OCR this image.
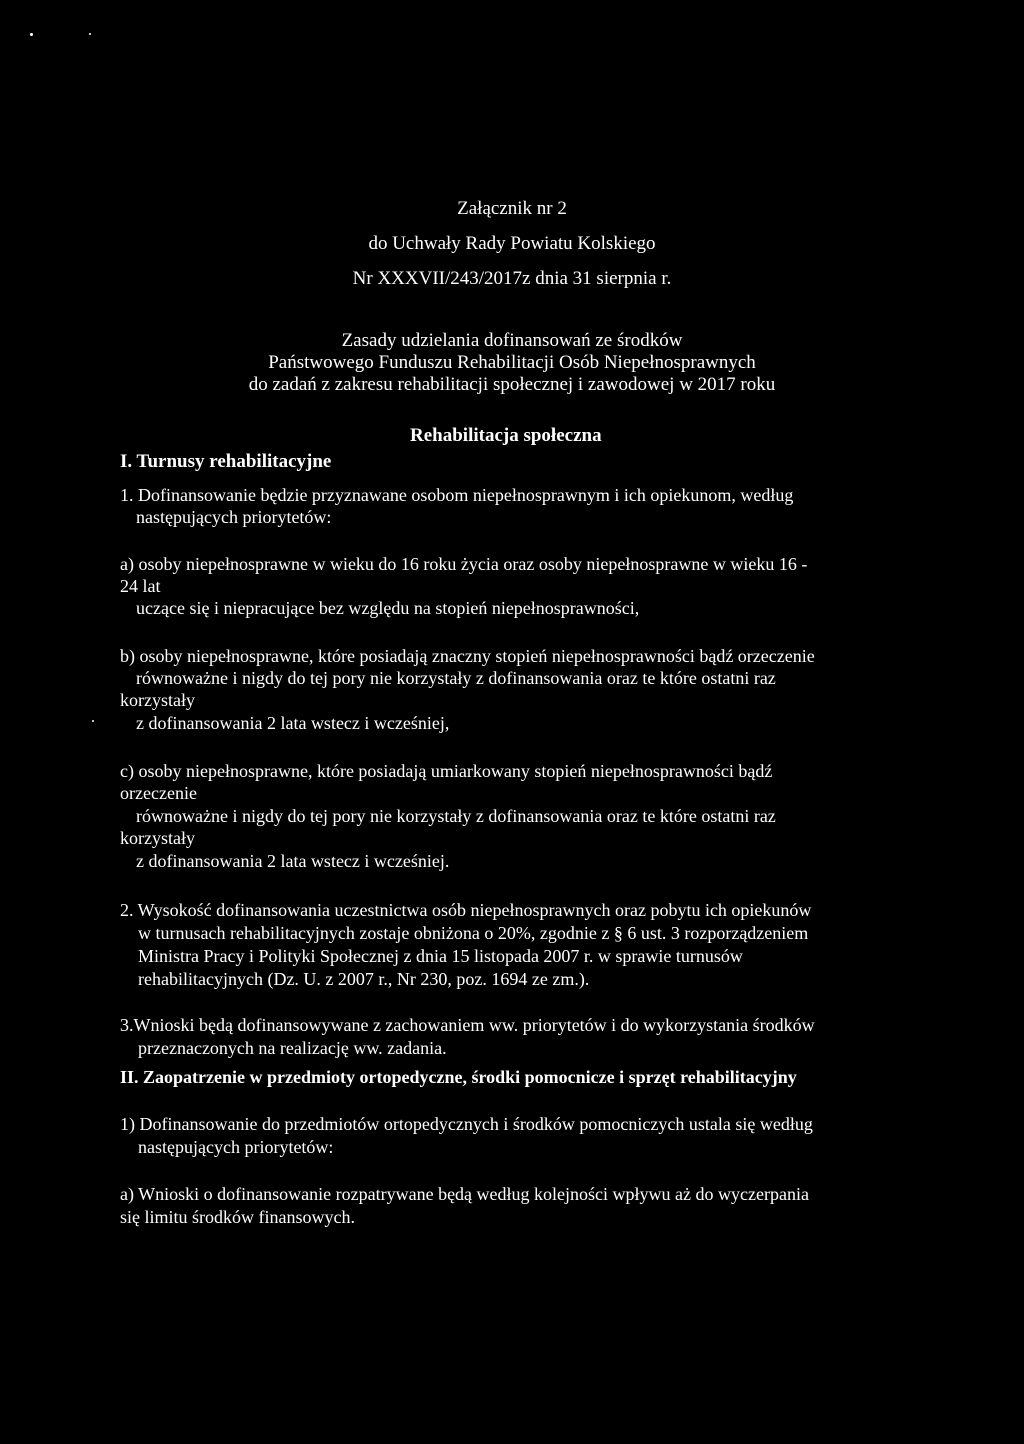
Załącznik nr 2
do Uchwały Rady Powiatu Kolskiego
Nr XXXVII/243/2017z dnia 31 sierpnia r.
Zasady udzielania dofinansowań ze środków
Państwowego Funduszu Rehabilitacji Osób Niepełnosprawnych
do zadań z zakresu rehabilitacji społecznej i zawodowej w 2017 roku
Rehabilitacja społeczna
I. Turnusy rehabilitacyjne
1. Dofinansowanie będzie przyznawane osobom niepełnosprawnym i ich opiekunom, według
następujących priorytetów:
a) osoby niepełnosprawne w wieku do 16 roku życia oraz osoby niepełnosprawne w wieku 16 -
24 lat
uczące się i niepracujące bez względu na stopień niepełnosprawności,
b) osoby niepełnosprawne, które posiadają znaczny stopień niepełnosprawności bądź orzeczenie
równoważne i nigdy do tej pory nie korzystały z dofinansowania oraz te które ostatni raz
korzystały
z dofinansowania 2 lata wstecz i wcześniej,
c) osoby niepełnosprawne, które posiadają umiarkowany stopień niepełnosprawności bądź
orzeczenie
równoważne i nigdy do tej pory nie korzystały z dofinansowania oraz te które ostatni raz
korzystały
z dofinansowania 2 lata wstecz i wcześniej.
2. Wysokość dofinansowania uczestnictwa osób niepełnosprawnych oraz pobytu ich opiekunów
w turnusach rehabilitacyjnych zostaje obniżona o 20%, zgodnie z § 6 ust. 3 rozporządzeniem
Ministra Pracy i Polityki Społecznej z dnia 15 listopada 2007 r. w sprawie turnusów
rehabilitacyjnych (Dz. U. z 2007 r., Nr 230, poz. 1694 ze zm.).
3.Wnioski będą dofinansowywane z zachowaniem ww. priorytetów i do wykorzystania środków
przeznaczonych na realizację ww. zadania.
II. Zaopatrzenie w przedmioty ortopedyczne, środki pomocnicze i sprzęt rehabilitacyjny
1) Dofinansowanie do przedmiotów ortopedycznych i środków pomocniczych ustala się według
następujących priorytetów:
a) Wnioski o dofinansowanie rozpatrywane będą według kolejności wpływu aż do wyczerpania
się limitu środków finansowych.
